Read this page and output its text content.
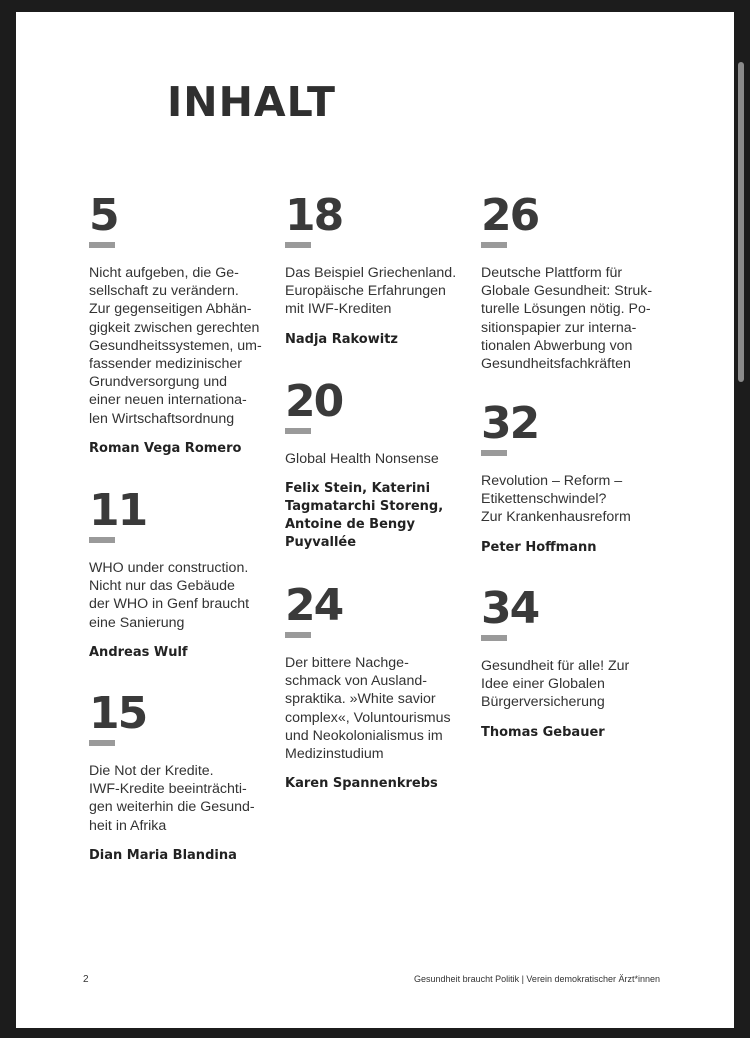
INHALT
5
Nicht aufgeben, die Ge-
sellschaft zu verändern.
Zur gegenseitigen Abhän-
gigkeit zwischen gerechten
Gesundheitssystemen, um-
fassender medizinischer
Grundversorgung und
einer neuen internationa-
len Wirtschaftsordnung
Roman Vega Romero
11
WHO under construction.
Nicht nur das Gebäude
der WHO in Genf braucht
eine Sanierung
Andreas Wulf
15
Die Not der Kredite.
IWF-Kredite beeinträchti-
gen weiterhin die Gesund-
heit in Afrika
Dian Maria Blandina
18
Das Beispiel Griechenland.
Europäische Erfahrungen
mit IWF-Krediten
Nadja Rakowitz
20
Global Health Nonsense
Felix Stein, Katerini
Tagmatarchi Storeng,
Antoine de Bengy
Puyvallée
24
Der bittere Nachge-
schmack von Ausland-
spraktika. »White savior
complex«, Voluntourismus
und Neokolonialismus im
Medizinstudium
Karen Spannenkrebs
26
Deutsche Plattform für
Globale Gesundheit: Struk-
turelle Lösungen nötig. Po-
sitionspapier zur interna-
tionalen Abwerbung von
Gesundheitsfachkräften
32
Revolution – Reform –
Etikettenschwindel?
Zur Krankenhausreform
Peter Hoffmann
34
Gesundheit für alle! Zur
Idee einer Globalen
Bürgerversicherung
Thomas Gebauer
2	Gesundheit braucht Politik | Verein demokratischer Ärzt*innen
